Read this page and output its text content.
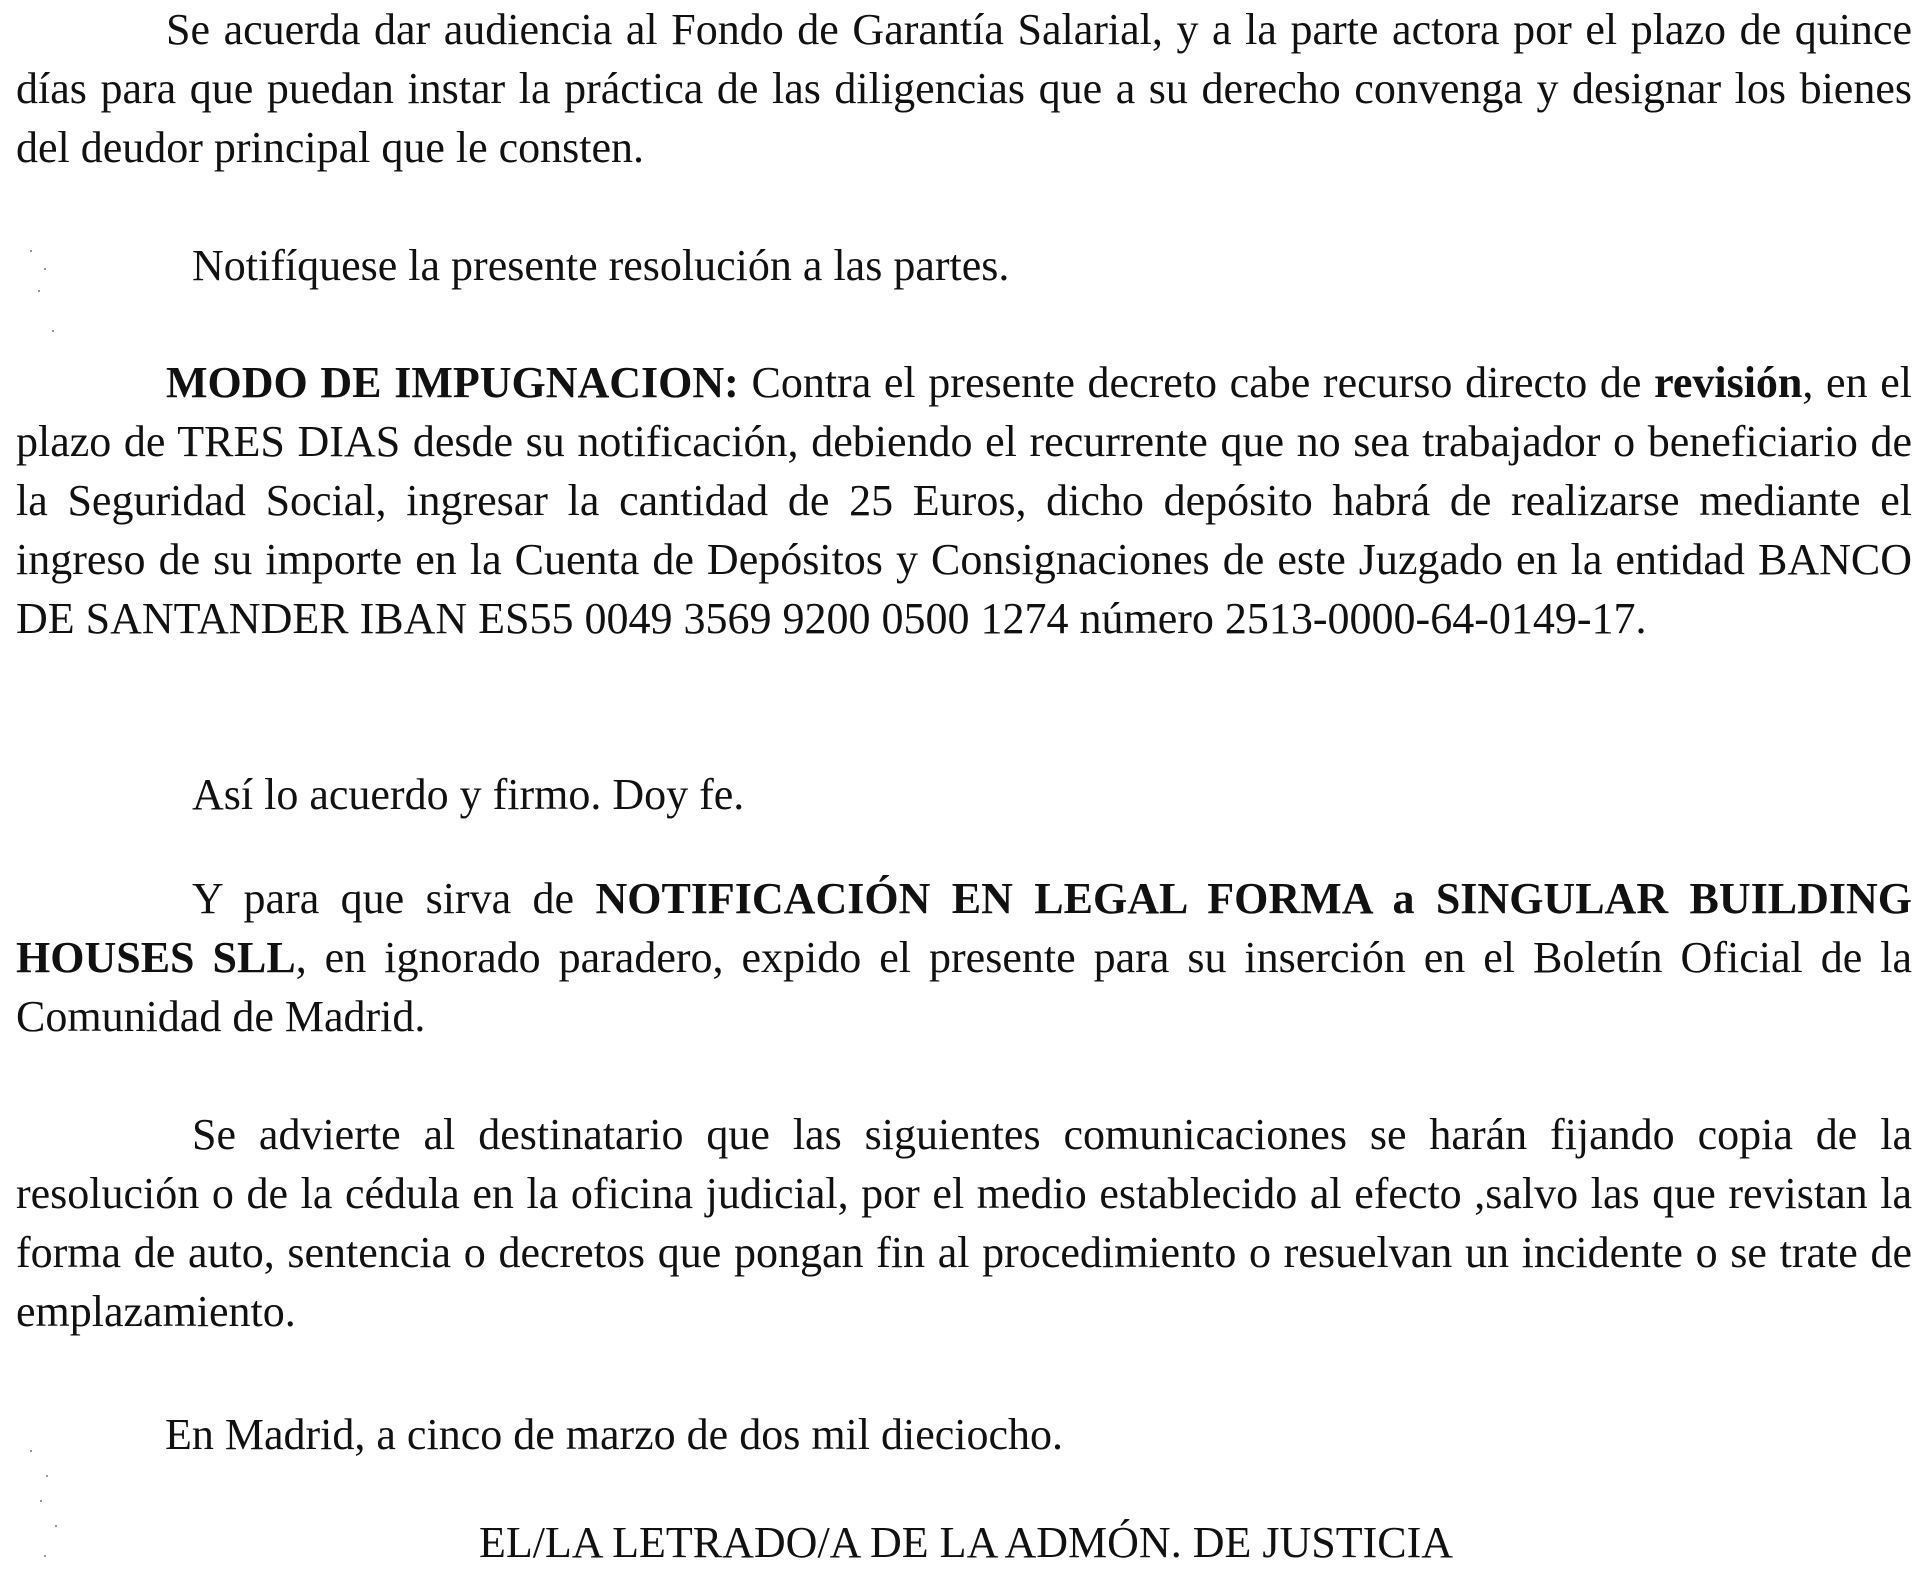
Se acuerda dar audiencia al Fondo de Garantía Salarial, y a la parte actora por el plazo de quince días para que puedan instar la práctica de las diligencias que a su derecho convenga y designar los bienes del deudor principal que le consten.

Notifíquese la presente resolución a las partes.

MODO DE IMPUGNACION: Contra el presente decreto cabe recurso directo de revisión, en el plazo de TRES DIAS desde su notificación, debiendo el recurrente que no sea trabajador o beneficiario de la Seguridad Social, ingresar la cantidad de 25 Euros, dicho depósito habrá de realizarse mediante el ingreso de su importe en la Cuenta de Depósitos y Consignaciones de este Juzgado en la entidad BANCO DE SANTANDER IBAN ES55 0049 3569 9200 0500 1274 número 2513-0000-64-0149-17.

Así lo acuerdo y firmo. Doy fe.

Y para que sirva de NOTIFICACIÓN EN LEGAL FORMA a SINGULAR BUILDING HOUSES SLL, en ignorado paradero, expido el presente para su inserción en el Boletín Oficial de la Comunidad de Madrid.

Se advierte al destinatario que las siguientes comunicaciones se harán fijando copia de la resolución o de la cédula en la oficina judicial, por el medio establecido al efecto ,salvo las que revistan la forma de auto, sentencia o decretos que pongan fin al procedimiento o resuelvan un incidente o se trate de emplazamiento.

En Madrid, a cinco de marzo de dos mil dieciocho.

EL/LA LETRADO/A DE LA ADMÓN. DE JUSTICIA
